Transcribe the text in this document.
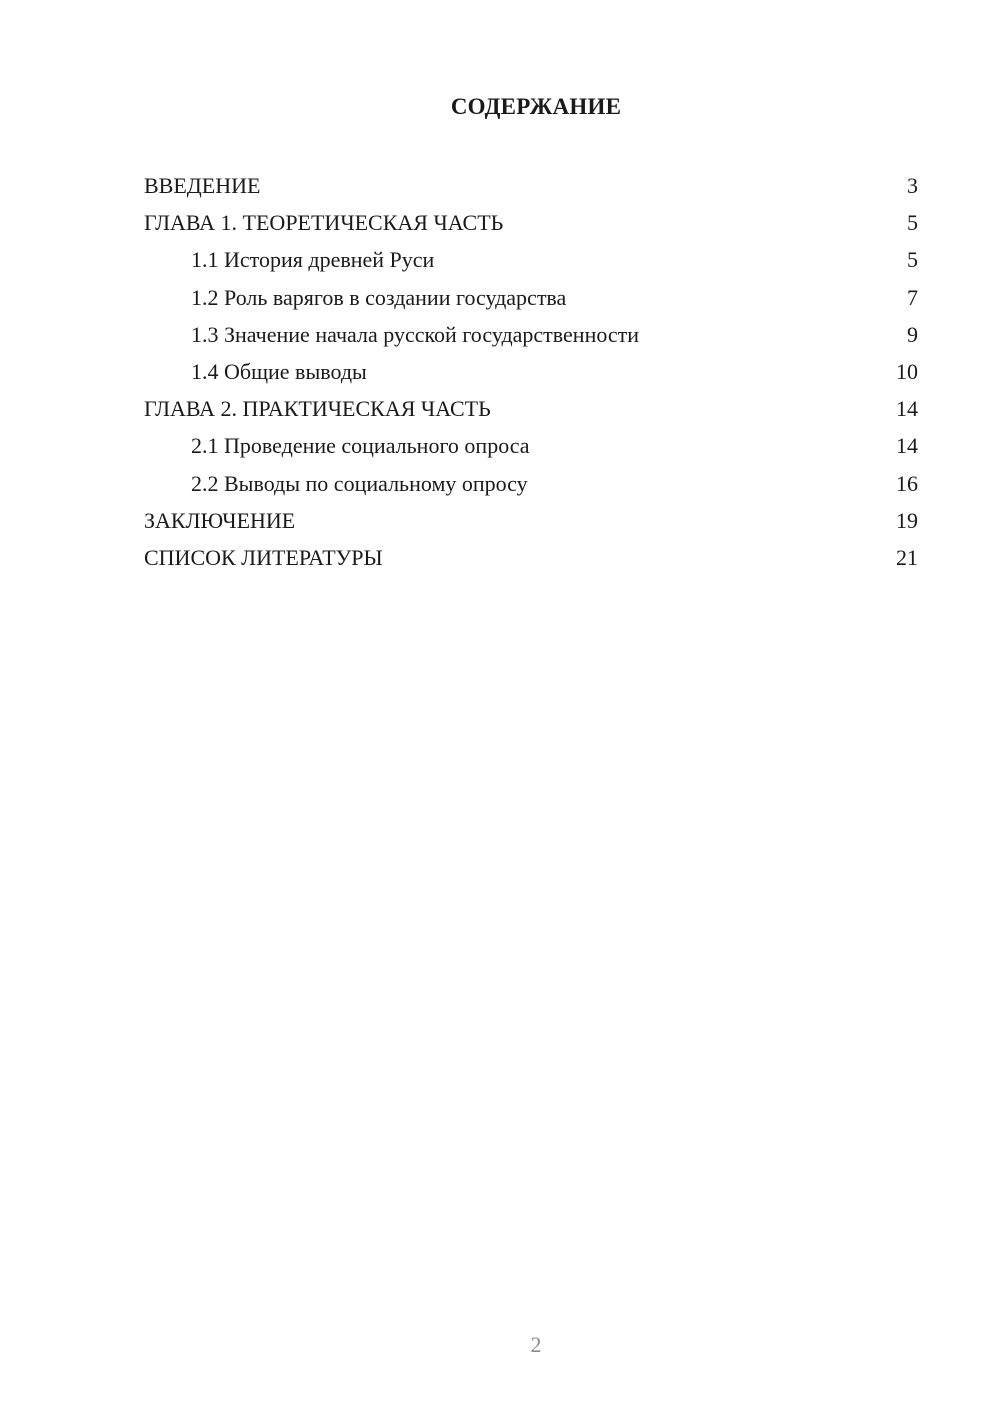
СОДЕРЖАНИЕ
ВВЕДЕНИЕ	3
ГЛАВА 1. ТЕОРЕТИЧЕСКАЯ ЧАСТЬ	5
1.1 История древней Руси	5
1.2 Роль варягов в создании государства	7
1.3 Значение начала русской государственности	9
1.4 Общие выводы	10
ГЛАВА 2. ПРАКТИЧЕСКАЯ ЧАСТЬ	14
2.1 Проведение социального опроса	14
2.2 Выводы по социальному опросу	16
ЗАКЛЮЧЕНИЕ	19
СПИСОК ЛИТЕРАТУРЫ	21
2
